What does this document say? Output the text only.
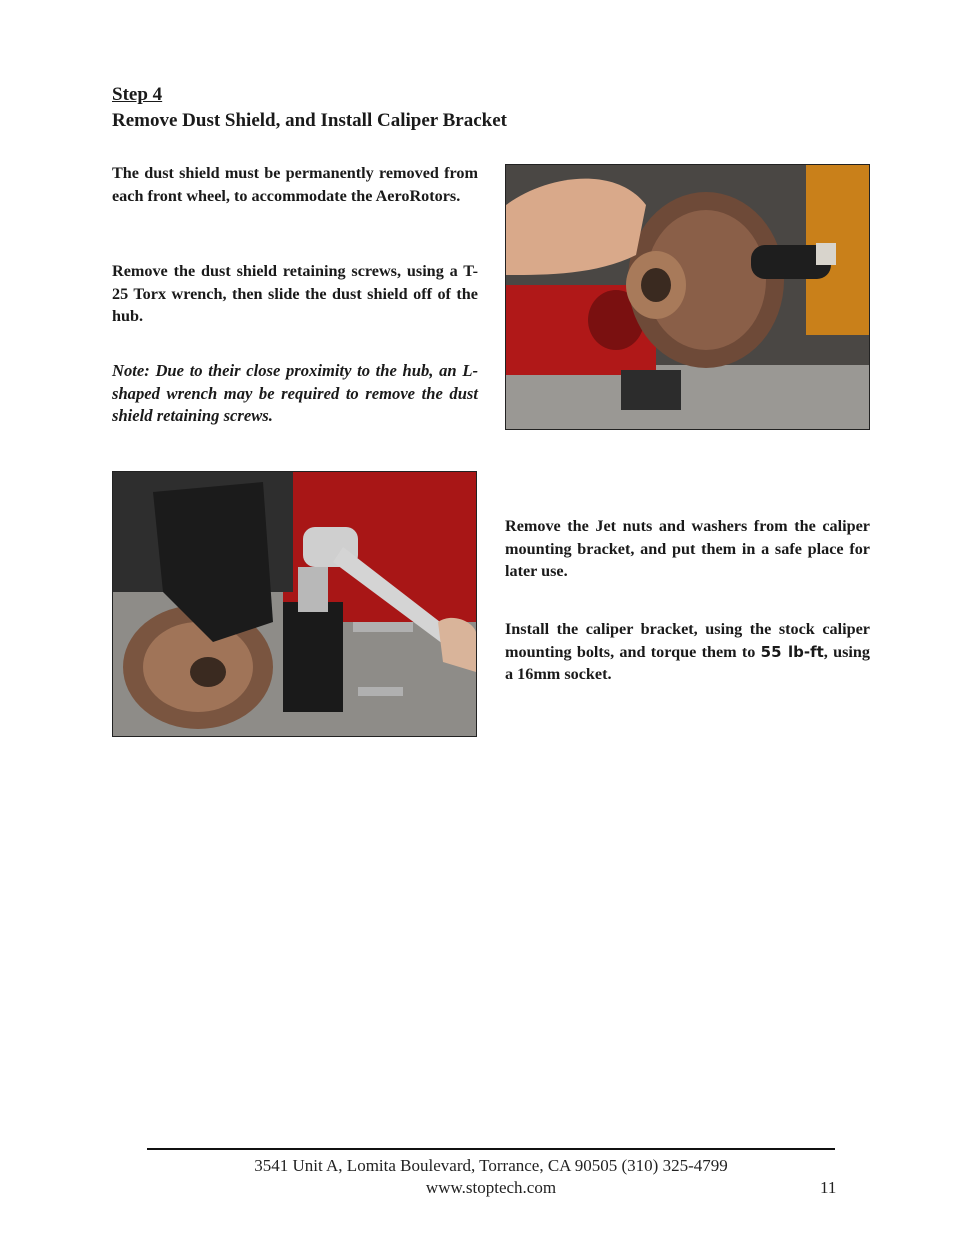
Step 4
Remove Dust Shield, and Install Caliper Bracket
The dust shield must be permanently removed from each front wheel, to accommodate the AeroRotors.
Remove the dust shield retaining screws, using a T-25 Torx wrench, then slide the dust shield off of the hub.
Note: Due to their close proximity to the hub, an L-shaped wrench may be required to remove the dust shield retaining screws.
Remove the Jet nuts and washers from the caliper mounting bracket, and put them in a safe place for later use.
Install the caliper bracket, using the stock caliper mounting bolts, and torque them to 55 lb-ft, using a 16mm socket.
3541 Unit A, Lomita Boulevard, Torrance, CA 90505 (310) 325-4799
www.stoptech.com	11
